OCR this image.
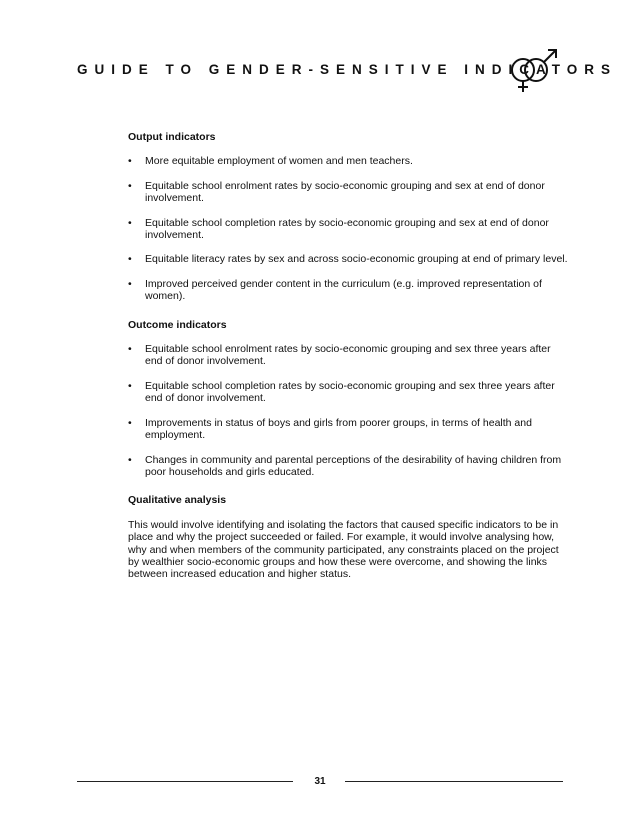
GUIDE TO GENDER-SENSITIVE INDICATORS
Output indicators
• More equitable employment of women and men teachers.
• Equitable school enrolment rates by socio-economic grouping and sex at end of donor involvement.
• Equitable school completion rates by socio-economic grouping and sex at end of donor involvement.
• Equitable literacy rates by sex and across socio-economic grouping at end of primary level.
• Improved perceived gender content in the curriculum (e.g. improved representation of women).
Outcome indicators
• Equitable school enrolment rates by socio-economic grouping and sex three years after end of donor involvement.
• Equitable school completion rates by socio-economic grouping and sex three years after end of donor involvement.
• Improvements in status of boys and girls from poorer groups, in terms of health and employment.
• Changes in community and parental perceptions of the desirability of having children from poor households and girls educated.
Qualitative analysis

This would involve identifying and isolating the factors that caused specific indicators to be in place and why the project succeeded or failed. For example, it would involve analysing how, why and when members of the community participated, any constraints placed on the project by wealthier socio-economic groups and how these were overcome, and showing the links between increased education and higher status.

31
